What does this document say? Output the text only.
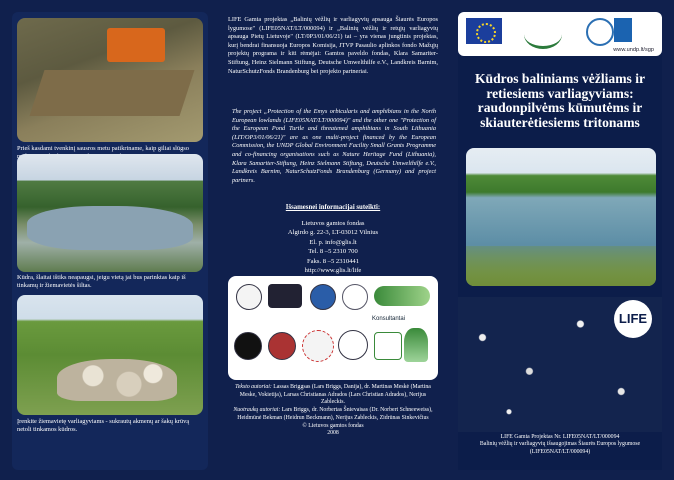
Prieš kasdami tvenkinį sausros metu patikriname, kaip giliai slūgso
Kūdra, šlaitai ištiks neapaugsi, jeigu vietą jai bus parinktas kaip iš tinkamų ir žiemavietės šiltas.
Įrenkite žiemavietę varliagyviams - sukrautų akmenų ar šakų krūvą netoli tinkamos kūdros.
LIFE Gamta projektas „Balinių vėžlių ir varliagyvių apsauga Šiaurės Europos lygumose" (LIFE05NAT/LT/000094) ir „Balinių vėžlių ir retųjų varliagyvių apsauga Pietų Lietuvoje" (LT/0P3/01/06/21) tai – yra vienas jungtinis projektas, kurį bendrai finansuoja Europos Komisija, JTVP Pasaulio aplinkos fondo Mažųjų projektų programa ir kiti rėmėjai: Gamtos paveldo fondas, Klara Samariter-Stiftung, Heinz Sielmann Stiftung, Deutsche Umwelthilfe e.V., Landkreis Barnim, NaturSchutzFonds Brandenburg bei projekto partneriai.
The project „Protection of the Emys orbicularis and amphibians in the North European lowlands (LIFE05NAT/LT/000094)" and the other one "Protection of the European Pond Turtle and threatened amphibians in South Lithuania (LIT/OP3/01/06/21)" are as one multi-project financed by the European Commission, the UNDP Global Environment Facility Small Grants Programme and co-financing organisations such as Nature Heritage Fund (Lithuania), Klara Samariter-Stiftung, Heinz Sielmann Stiftung, Deutsche Umwelthilfe e.V., Landkreis Barnim, NaturSchutzFonds Brandenburg (Germany) and project partners.
Išsamesnei informacijai suteikti:
Lietuvos gamtos fondas
Algirdo g. 22-3, LT-03012 Vilnius
El. p. info@glis.lt
Tel. 8 –5 2310 700
Faks. 8 –5 2310441
http://www.glis.lt/life
Konsultantai
Teksto autoriai: Lassas Briggsas (Lars Briggs, Danija), dr. Martinas Meskė (Martina Meske, Vokietija), Larsas Christianas Adrados (Lars Christian Adrados), Nerijus Zableckis.
Nuotraukų autoriai: Lars Briggs, dr. Norbertas Šnievaisas (Dr. Norbert Schneeweiss), Heidmūnė Bekman (Heidrun Beckmann), Nerijus Zableckis, Zidrūnas Sinkevičius
© Lietuvos gamtos fondas
2008
www.undp.lt/sgp
Kūdros baliniams vėžliams ir retiesiems varliagyviams: raudonpilvėms kūmutėms ir skiauterėtiesiems tritonams
LIFE
LIFE Gamta Projektas Nr. LIFE05NAT/LT/000094
Balinių vėžlių ir varliagyvių išsaugojimas Šiaurės Europos lygumose (LIFE05NAT/LT/000094)
